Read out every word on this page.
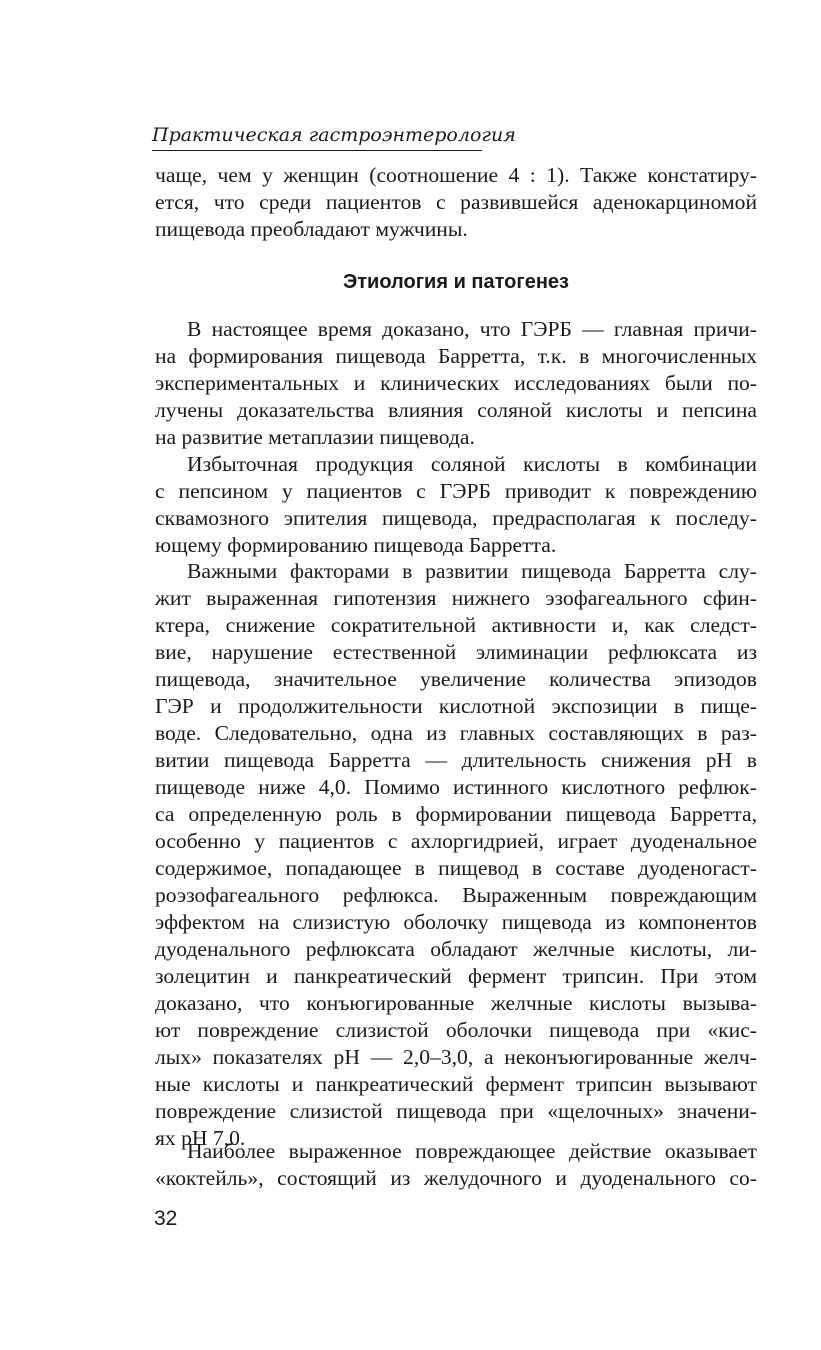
Практическая гастроэнтерология
чаще, чем у женщин (соотношение 4 : 1). Также констатиру-
ется, что среди пациентов с развившейся аденокарциномой
пищевода преобладают мужчины.
Этиология и патогенез
В настоящее время доказано, что ГЭРБ — главная причи-
на формирования пищевода Барретта, т.к. в многочисленных
экспериментальных и клинических исследованиях были по-
лучены доказательства влияния соляной кислоты и пепсина
на развитие метаплазии пищевода.
Избыточная продукция соляной кислоты в комбинации
с пепсином у пациентов с ГЭРБ приводит к повреждению
сквамозного эпителия пищевода, предрасполагая к последу-
ющему формированию пищевода Барретта.
Важными факторами в развитии пищевода Барретта слу-
жит выраженная гипотензия нижнего эзофагеального сфин-
ктера, снижение сократительной активности и, как следст-
вие, нарушение естественной элиминации рефлюксата из
пищевода, значительное увеличение количества эпизодов
ГЭР и продолжительности кислотной экспозиции в пище-
воде. Следовательно, одна из главных составляющих в раз-
витии пищевода Барретта — длительность снижения pH в
пищеводе ниже 4,0. Помимо истинного кислотного рефлюк-
са определенную роль в формировании пищевода Барретта,
особенно у пациентов с ахлоргидрией, играет дуоденальное
содержимое, попадающее в пищевод в составе дуоденогаст-
роэзофагеального рефлюкса. Выраженным повреждающим
эффектом на слизистую оболочку пищевода из компонентов
дуоденального рефлюксата обладают желчные кислоты, ли-
золецитин и панкреатический фермент трипсин. При этом
доказано, что конъюгированные желчные кислоты вызыва-
ют повреждение слизистой оболочки пищевода при «кис-
лых» показателях pH — 2,0–3,0, а неконъюгированные желч-
ные кислоты и панкреатический фермент трипсин вызывают
повреждение слизистой пищевода при «щелочных» значени-
ях pH 7,0.
Наиболее выраженное повреждающее действие оказывает
«коктейль», состоящий из желудочного и дуоденального со-
32
